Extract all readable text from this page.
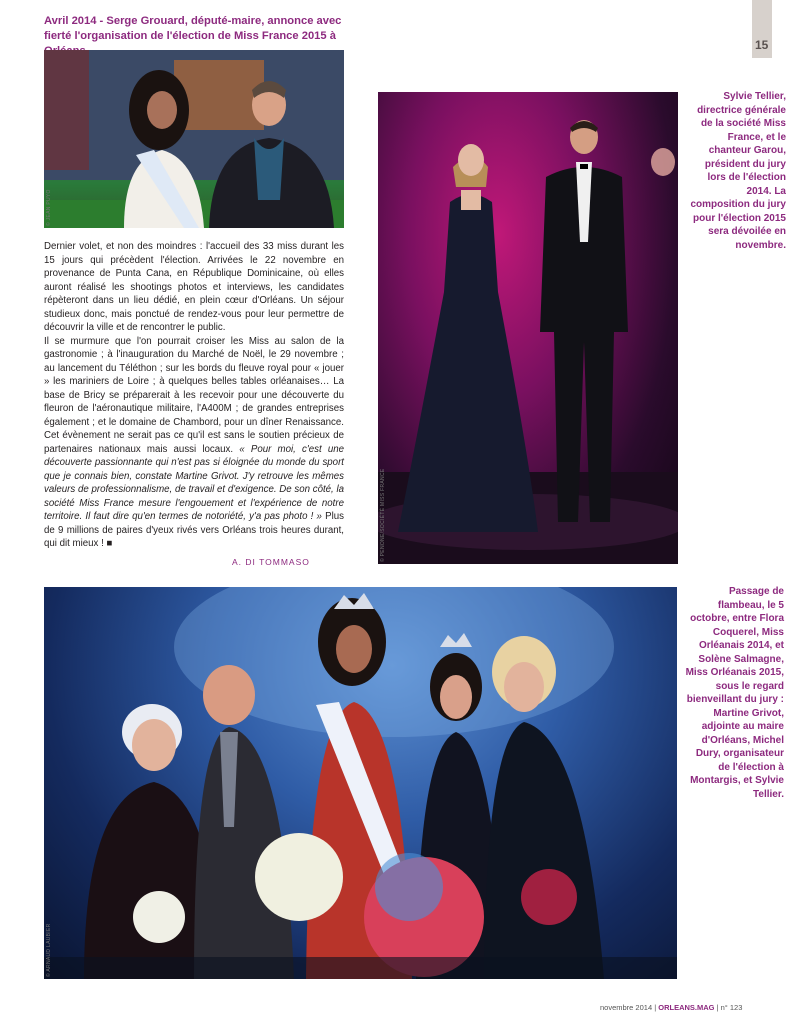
15
Avril 2014 - Serge Grouard, député-maire, annonce avec fierté l'organisation de l'élection de Miss France 2015 à
© JEAN PUYO

Dernier volet, et non des moindres : l'accueil des 33 miss durant les 15 jours qui précèdent l'élection. Arrivées le 22 novembre en provenance de Punta Cana, en République Dominicaine, où elles auront réalisé les shootings photos et interviews, les candidates répèteront dans un lieu dédié, en plein cœur d'Orléans. Un séjour studieux donc, mais ponctué de rendez-vous pour leur permettre de découvrir la ville et de rencontrer le public.

Il se murmure que l'on pourrait croiser les Miss au salon de la gastronomie ; à l'inauguration du Marché de Noël, le 29 novembre ; au lancement du Téléthon ; sur les bords du fleuve royal pour « jouer » les mariniers de Loire ; à quelques belles tables orléanaises… La base de Bricy se préparerait à les recevoir pour une découverte du fleuron de l'aéronautique militaire, l'A400M ; de grandes entreprises également ; et le domaine de Chambord, pour un dîner Renaissance. Cet évènement ne serait pas ce qu'il est sans le soutien précieux de partenaires nationaux mais aussi locaux. « Pour moi, c'est une découverte passionnante qui n'est pas si éloignée du monde du sport que je connais bien, constate Martine Grivot. J'y retrouve les mêmes valeurs de professionnalisme, de travail et d'exigence. De son côté, la société Miss France mesure l'engouement et l'expérience de notre territoire. Il faut dire qu'en termes de notoriété, y'a pas photo ! » Plus de 9 millions de paires d'yeux rivés vers Orléans trois heures durant, qui dit mieux ! ■

A. DI TOMMASO	© PENONE/SOCIÉTÉ MISS FRANCE
Sylvie Tellier, directrice générale de la société Miss France, et le chanteur Garou, président du jury lors de l'élection 2014. La composition du jury pour l'élection 2015 sera dévoilée en novembre.
© ARNAUD LAUBIER
Passage de flambeau, le 5 octobre, entre Flora Coquerel, Miss Orléanais 2014, et Solène Salmagne, Miss Orléanais 2015, sous le regard bienveillant du jury : Martine Grivot, adjointe au maire d'Orléans, Michel Dury, organisateur de l'élection à Montargis, et Sylvie Tellier.
novembre 2014 | ORLEANS.MAG | n° 123
